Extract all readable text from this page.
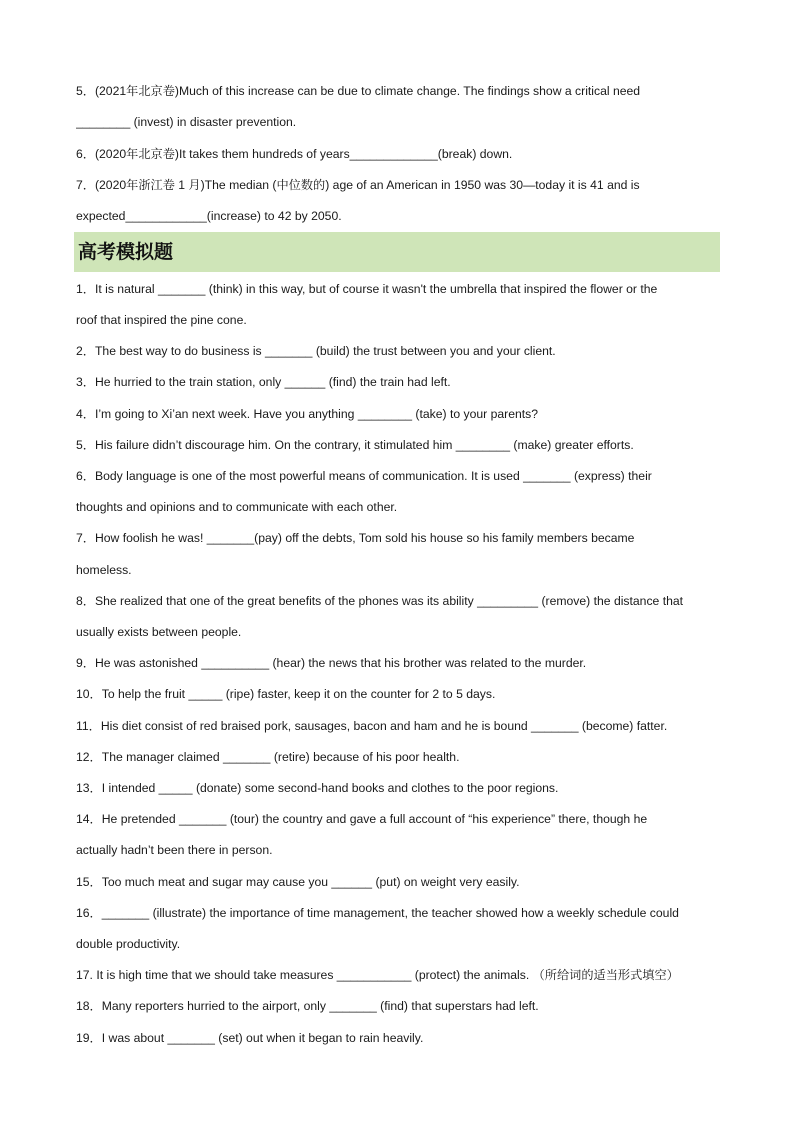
5．(2021年北京卷)Much of this increase can be due to climate change. The findings show a critical need
________ (invest) in disaster prevention.
6．(2020年北京卷)It takes them hundreds of years_____________(break) down.
7．(2020年浙江卷 1 月)The median (中位数的) age of an American in 1950 was 30—today it is 41 and is
expected____________(increase) to 42 by 2050.
高考模拟题
1．It is natural _______ (think) in this way, but of course it wasn't the umbrella that inspired the flower or the
roof that inspired the pine cone.
2．The best way to do business is _______ (build) the trust between you and your client.
3．He hurried to the train station, only ______ (find) the train had left.
4．I’m going to Xi’an next week. Have you anything ________ (take) to your parents?
5．His failure didn’t discourage him. On the contrary, it stimulated him ________ (make) greater efforts.
6．Body language is one of the most powerful means of communication. It is used _______ (express) their
thoughts and opinions and to communicate with each other.
7．How foolish he was! _______(pay) off the debts, Tom sold his house so his family members became
homeless.
8．She realized that one of the great benefits of the phones was its ability _________ (remove) the distance that
usually exists between people.
9．He was astonished __________ (hear) the news that his brother was related to the murder.
10．To help the fruit _____ (ripe) faster, keep it on the counter for 2 to 5 days.
11．His diet consist of red braised pork, sausages, bacon and ham and he is bound _______ (become) fatter.
12．The manager claimed _______ (retire) because of his poor health.
13．I intended _____ (donate) some second-hand books and clothes to the poor regions.
14．He pretended _______ (tour) the country and gave a full account of “his experience” there, though he
actually hadn’t been there in person.
15．Too much meat and sugar may cause you ______ (put) on weight very easily.
16．_______ (illustrate) the importance of time management, the teacher showed how a weekly schedule could
double productivity.
17. It is high time that we should take measures ___________ (protect) the animals. （所给词的适当形式填空）
18．Many reporters hurried to the airport, only _______ (find) that superstars had left.
19．I was about _______ (set) out when it began to rain heavily.
